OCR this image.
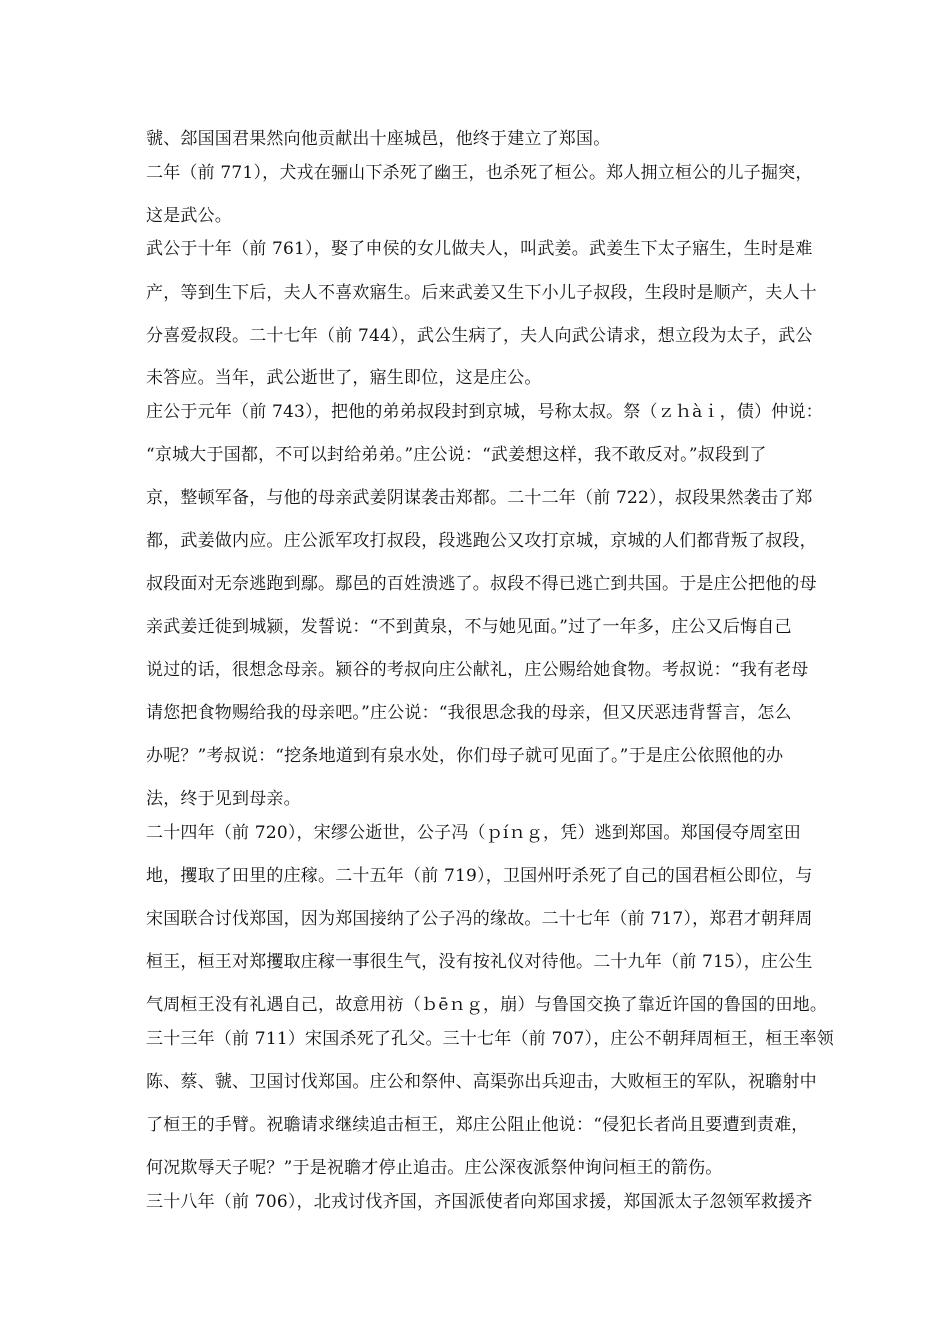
虢、郐国国君果然向他贡献出十座城邑，他终于建立了郑国。
二年（前 771），犬戎在骊山下杀死了幽王，也杀死了桓公。郑人拥立桓公的儿子掘突，
这是武公。
武公于十年（前 761），娶了申侯的女儿做夫人，叫武姜。武姜生下太子寤生，生时是难
产，等到生下后，夫人不喜欢寤生。后来武姜又生下小儿子叔段，生段时是顺产，夫人十
分喜爱叔段。二十七年（前 744），武公生病了，夫人向武公请求，想立段为太子，武公
未答应。当年，武公逝世了，寤生即位，这是庄公。
庄公于元年（前 743），把他的弟弟叔段封到京城，号称太叔。祭（ｚｈàｉ，债）仲说：
“京城大于国都，不可以封给弟弟。”庄公说：“武姜想这样，我不敢反对。”叔段到了
京，整顿军备，与他的母亲武姜阴谋袭击郑都。二十二年（前 722），叔段果然袭击了郑
都，武姜做内应。庄公派军攻打叔段，段逃跑公又攻打京城，京城的人们都背叛了叔段，
叔段面对无奈逃跑到鄢。鄢邑的百姓溃逃了。叔段不得已逃亡到共国。于是庄公把他的母
亲武姜迁徙到城颍，发誓说：“不到黄泉，不与她见面。”过了一年多，庄公又后悔自己
说过的话，很想念母亲。颍谷的考叔向庄公献礼，庄公赐给她食物。考叔说：“我有老母
请您把食物赐给我的母亲吧。”庄公说：“我很思念我的母亲，但又厌恶违背誓言，怎么
办呢？”考叔说：“挖条地道到有泉水处，你们母子就可见面了。”于是庄公依照他的办
法，终于见到母亲。
二十四年（前 720），宋缪公逝世，公子冯（ｐíｎｇ，凭）逃到郑国。郑国侵夺周室田
地，攫取了田里的庄稼。二十五年（前 719），卫国州吁杀死了自己的国君桓公即位，与
宋国联合讨伐郑国，因为郑国接纳了公子冯的缘故。二十七年（前 717），郑君才朝拜周
桓王，桓王对郑攫取庄稼一事很生气，没有按礼仪对待他。二十九年（前 715），庄公生
气周桓王没有礼遇自己，故意用祊（ｂēｎｇ，崩）与鲁国交换了靠近许国的鲁国的田地。
三十三年（前 711）宋国杀死了孔父。三十七年（前 707），庄公不朝拜周桓王，桓王率领
陈、蔡、虢、卫国讨伐郑国。庄公和祭仲、高渠弥出兵迎击，大败桓王的军队，祝聸射中
了桓王的手臂。祝聸请求继续追击桓王，郑庄公阻止他说：“侵犯长者尚且要遭到责难，
何况欺辱天子呢？”于是祝聸才停止追击。庄公深夜派祭仲询问桓王的箭伤。
三十八年（前 706），北戎讨伐齐国，齐国派使者向郑国求援，郑国派太子忽领军救援齐
